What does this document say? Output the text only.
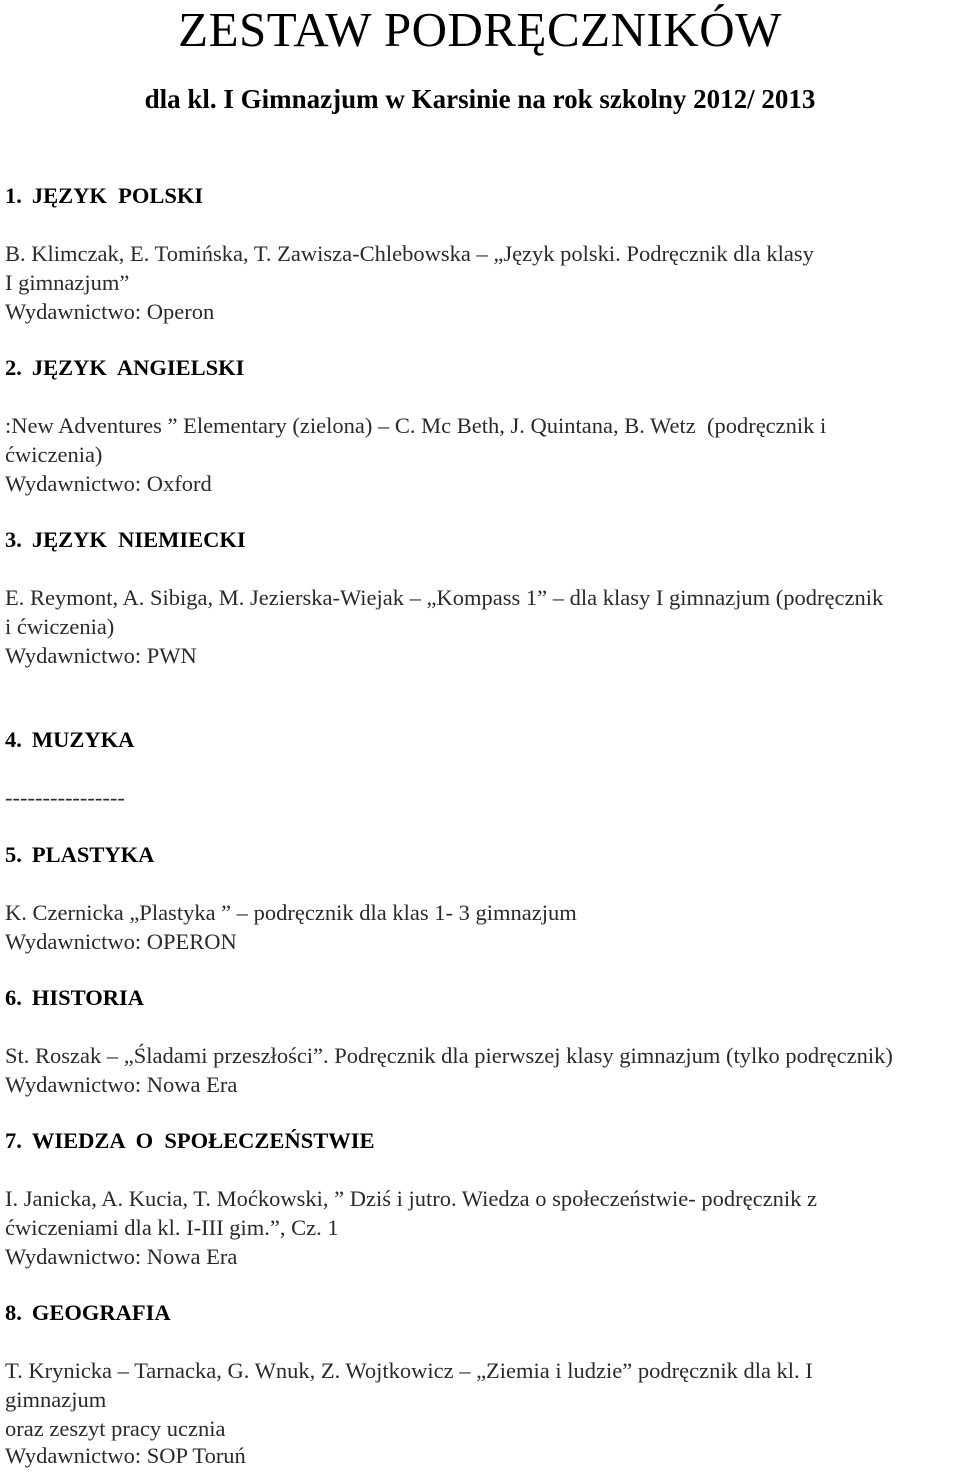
ZESTAW PODRĘCZNIKÓW

dla kl. I Gimnazjum w Karsinie na rok szkolny 2012/ 2013

1. JĘZYK  POLSKI
B. Klimczak, E. Tomińska, T. Zawisza-Chlebowska – „Język polski. Podręcznik dla klasy
I gimnazjum”
Wydawnictwo: Operon
2. JĘZYK  ANGIELSKI
:New Adventures ” Elementary (zielona) – C. Mc Beth, J. Quintana, B. Wetz  (podręcznik i
ćwiczenia)
Wydawnictwo: Oxford
3. JĘZYK  NIEMIECKI
E. Reymont, A. Sibiga, M. Jezierska-Wiejak – „Kompass 1” – dla klasy I gimnazjum (podręcznik
i ćwiczenia)
Wydawnictwo: PWN
4. MUZYKA
----------------
5. PLASTYKA
K. Czernicka „Plastyka ” – podręcznik dla klas 1- 3 gimnazjum
Wydawnictwo: OPERON
6. HISTORIA
St. Roszak – „Śladami przeszłości”. Podręcznik dla pierwszej klasy gimnazjum (tylko podręcznik)
Wydawnictwo: Nowa Era
7. WIEDZA  O  SPOŁECZEŃSTWIE
I. Janicka, A. Kucia, T. Moćkowski, ” Dziś i jutro. Wiedza o społeczeństwie- podręcznik z
ćwiczeniami dla kl. I-III gim.”, Cz. 1
Wydawnictwo: Nowa Era
8. GEOGRAFIA
T. Krynicka – Tarnacka, G. Wnuk, Z. Wojtkowicz – „Ziemia i ludzie” podręcznik dla kl. I
gimnazjum
oraz zeszyt pracy ucznia
Wydawnictwo: SOP Toruń
